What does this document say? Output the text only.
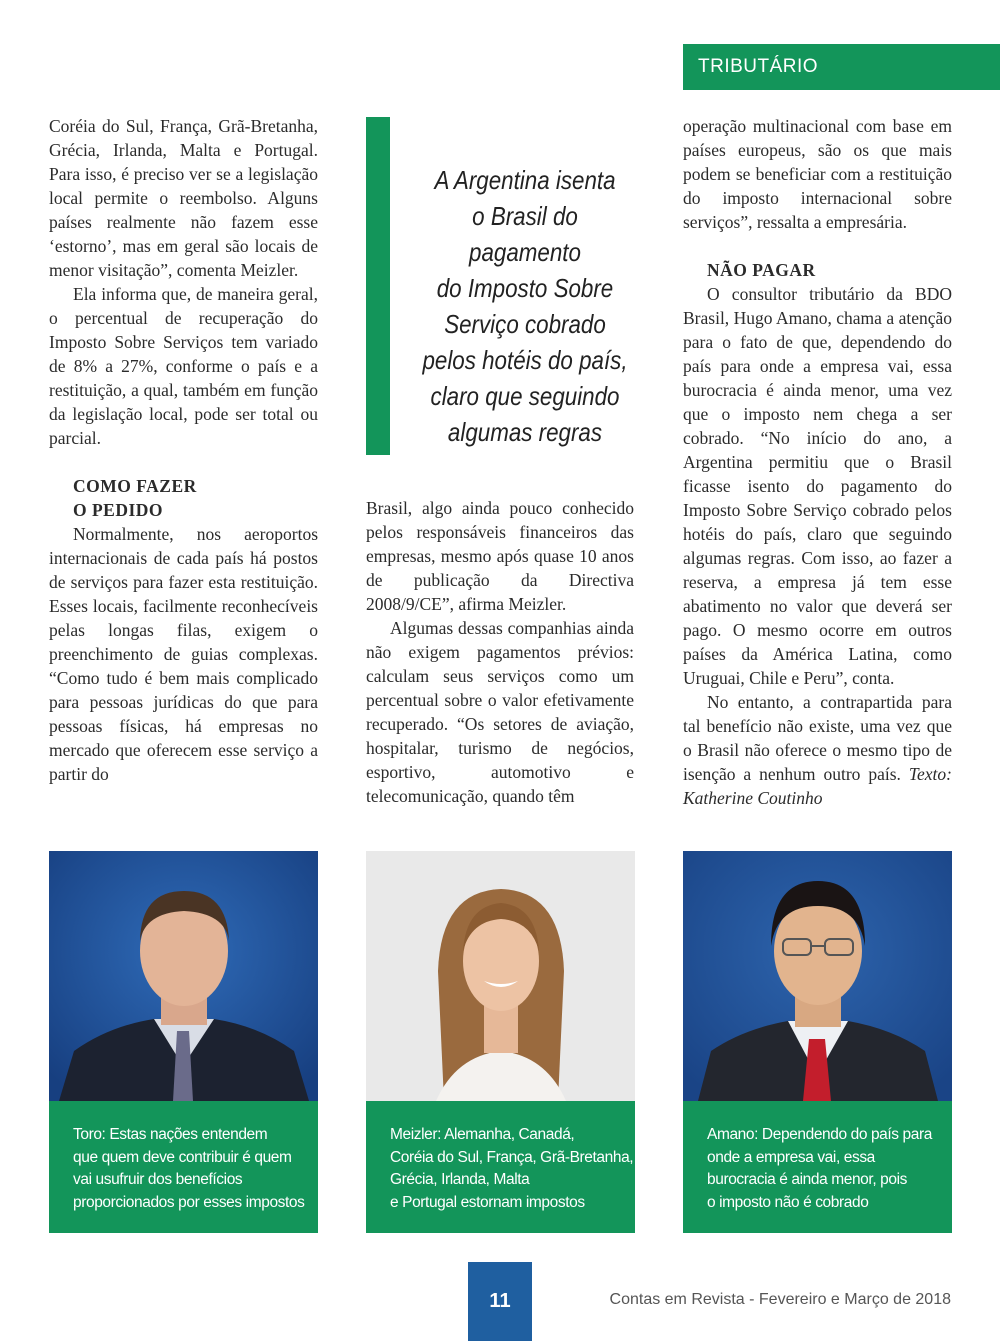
TRIBUTÁRIO

Coréia do Sul, França, Grã-Bretanha, Grécia, Irlanda, Malta e Portugal. Para isso, é preciso ver se a legislação local permite o reembolso. Alguns países realmente não fazem esse ‘estorno’, mas em geral são locais de menor visitação”, comenta Meizler.

Ela informa que, de maneira geral, o percentual de recuperação do Imposto Sobre Serviços tem variado de 8% a 27%, conforme o país e a restituição, a qual, também em função da legislação local, pode ser total ou parcial.

COMO FAZER
O PEDIDO

Normalmente, nos aeroportos internacionais de cada país há postos de serviços para fazer esta restituição. Esses locais, facilmente reconhecíveis pelas longas filas, exigem o preenchimento de guias complexas. “Como tudo é bem mais complicado para pessoas jurídicas do que para pessoas físicas, há empresas no mercado que oferecem esse serviço a partir do

A Argentina isenta
o Brasil do pagamento
do Imposto Sobre
Serviço cobrado
pelos hotéis do país,
claro que seguindo
algumas regras

Brasil, algo ainda pouco conhecido pelos responsáveis financeiros das empresas, mesmo após quase 10 anos de publicação da Directiva 2008/9/CE”, afirma Meizler.

Algumas dessas companhias ainda não exigem pagamentos prévios: calculam seus serviços como um percentual sobre o valor efetivamente recuperado. “Os setores de aviação, hospitalar, turismo de negócios, esportivo, automotivo e telecomunicação, quando têm

operação multinacional com base em países europeus, são os que mais podem se beneficiar com a restituição do imposto internacional sobre serviços”, ressalta a empresária.

NÃO PAGAR

O consultor tributário da BDO Brasil, Hugo Amano, chama a atenção para o fato de que, dependendo do país para onde a empresa vai, essa burocracia é ainda menor, uma vez que o imposto nem chega a ser cobrado. “No início do ano, a Argentina permitiu que o Brasil ficasse isento do pagamento do Imposto Sobre Serviço cobrado pelos hotéis do país, claro que seguindo algumas regras. Com isso, ao fazer a reserva, a empresa já tem esse abatimento no valor que deverá ser pago. O mesmo ocorre em outros países da América Latina, como Uruguai, Chile e Peru”, conta.

No entanto, a contrapartida para tal benefício não existe, uma vez que o Brasil não oferece o mesmo tipo de isenção a nenhum outro país. Texto: Katherine Coutinho

Toro: Estas nações entendem
que quem deve contribuir é quem
vai usufruir dos benefícios
proporcionados por esses impostos
Meizler: Alemanha, Canadá,
Coréia do Sul, França, Grã-Bretanha,
Grécia, Irlanda, Malta
e Portugal estornam impostos
Amano: Dependendo do país para
onde a empresa vai, essa
burocracia é ainda menor, pois
o imposto não é cobrado
11	Contas em Revista - Fevereiro e Março de 2018
